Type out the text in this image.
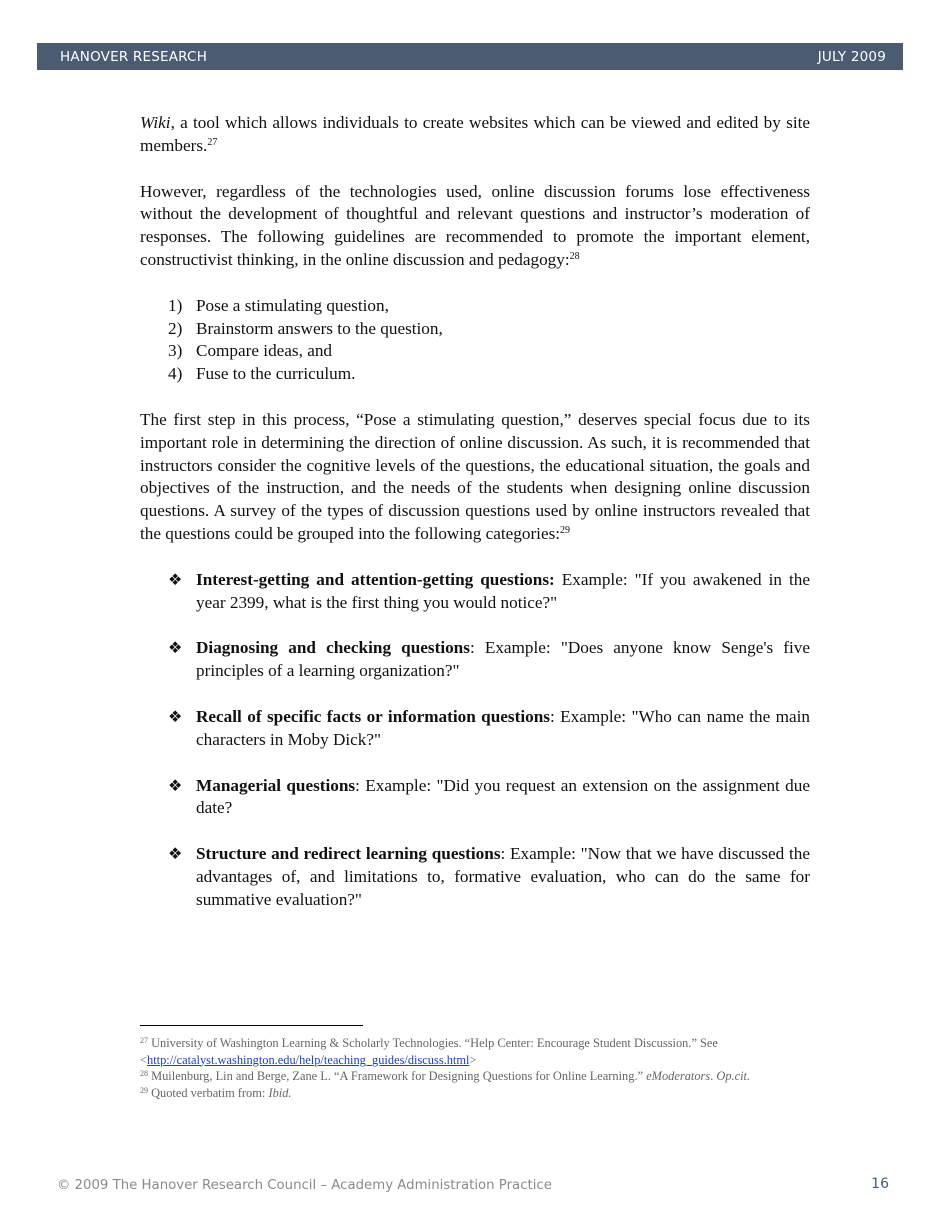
HANOVER RESEARCH	JULY 2009

Wiki, a tool which allows individuals to create websites which can be viewed and edited by site members.$^{27}$

However, regardless of the technologies used, online discussion forums lose effectiveness without the development of thoughtful and relevant questions and instructor’s moderation of responses. The following guidelines are recommended to promote the important element, constructivist thinking, in the online discussion and pedagogy:$^{28}$

1) Pose a stimulating question,
2) Brainstorm answers to the question,
3) Compare ideas, and
4) Fuse to the curriculum.

The first step in this process, “Pose a stimulating question,” deserves special focus due to its important role in determining the direction of online discussion. As such, it is recommended that instructors consider the cognitive levels of the questions, the educational situation, the goals and objectives of the instruction, and the needs of the students when designing online discussion questions. A survey of the types of discussion questions used by online instructors revealed that the questions could be grouped into the following categories:$^{29}$

❖ Interest-getting and attention-getting questions: Example: "If you awakened in the year 2399, what is the first thing you would notice?"
❖ Diagnosing and checking questions: Example: "Does anyone know Senge's five principles of a learning organization?"
❖ Recall of specific facts or information questions: Example: "Who can name the main characters in Moby Dick?"
❖ Managerial questions: Example: "Did you request an extension on the assignment due date?
❖ Structure and redirect learning questions: Example: "Now that we have discussed the advantages of, and limitations to, formative evaluation, who can do the same for summative evaluation?"
$^{27}$ University of Washington Learning & Scholarly Technologies. “Help Center: Encourage Student Discussion.” See
<http://catalyst.washington.edu/help/teaching_guides/discuss.html>
$^{28}$ Muilenburg, Lin and Berge, Zane L. “A Framework for Designing Questions for Online Learning.” eModerators. Op.cit.
$^{29}$ Quoted verbatim from: Ibid.
© 2009 The Hanover Research Council – Academy Administration Practice	16
